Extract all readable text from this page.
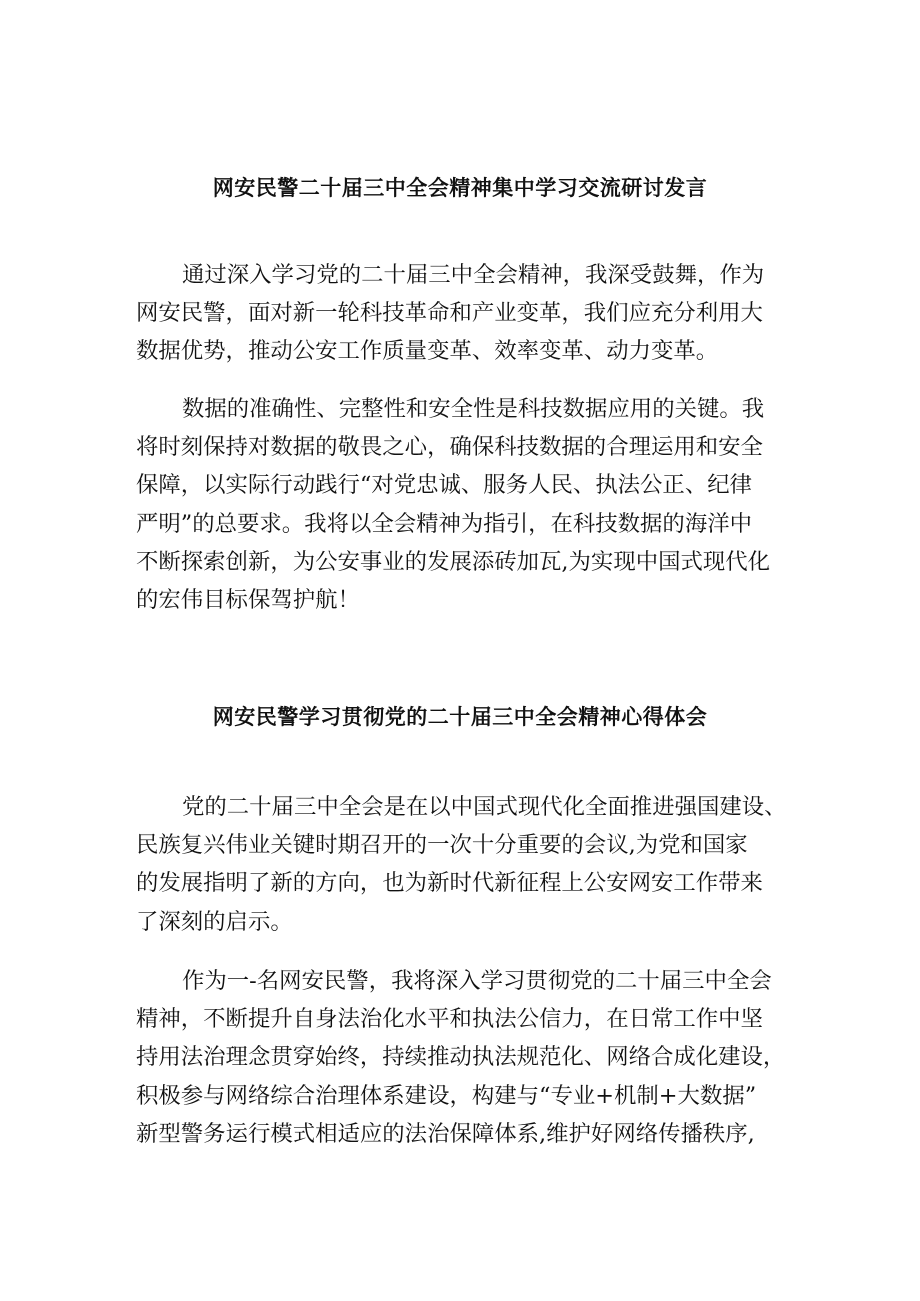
网安民警二十届三中全会精神集中学习交流研讨发言
通过深入学习党的二十届三中全会精神，我深受鼓舞，作为
网安民警，面对新一轮科技革命和产业变革，我们应充分利用大
数据优势，推动公安工作质量变革、效率变革、动力变革。
数据的准确性、完整性和安全性是科技数据应用的关键。我
将时刻保持对数据的敬畏之心，确保科技数据的合理运用和安全
保障，以实际行动践行“对党忠诚、服务人民、执法公正、纪律
严明”的总要求。我将以全会精神为指引，在科技数据的海洋中
不断探索创新，为公安事业的发展添砖加瓦,为实现中国式现代化
的宏伟目标保驾护航！
网安民警学习贯彻党的二十届三中全会精神心得体会
党的二十届三中全会是在以中国式现代化全面推进强国建设、
民族复兴伟业关键时期召开的一次十分重要的会议,为党和国家
的发展指明了新的方向，也为新时代新征程上公安网安工作带来
了深刻的启示。
作为一-名网安民警，我将深入学习贯彻党的二十届三中全会
精神，不断提升自身法治化水平和执法公信力，在日常工作中坚
持用法治理念贯穿始终，持续推动执法规范化、网络合成化建设，
积极参与网络综合治理体系建设，构建与“专业+机制+大数据”
新型警务运行模式相适应的法治保障体系,维护好网络传播秩序,
